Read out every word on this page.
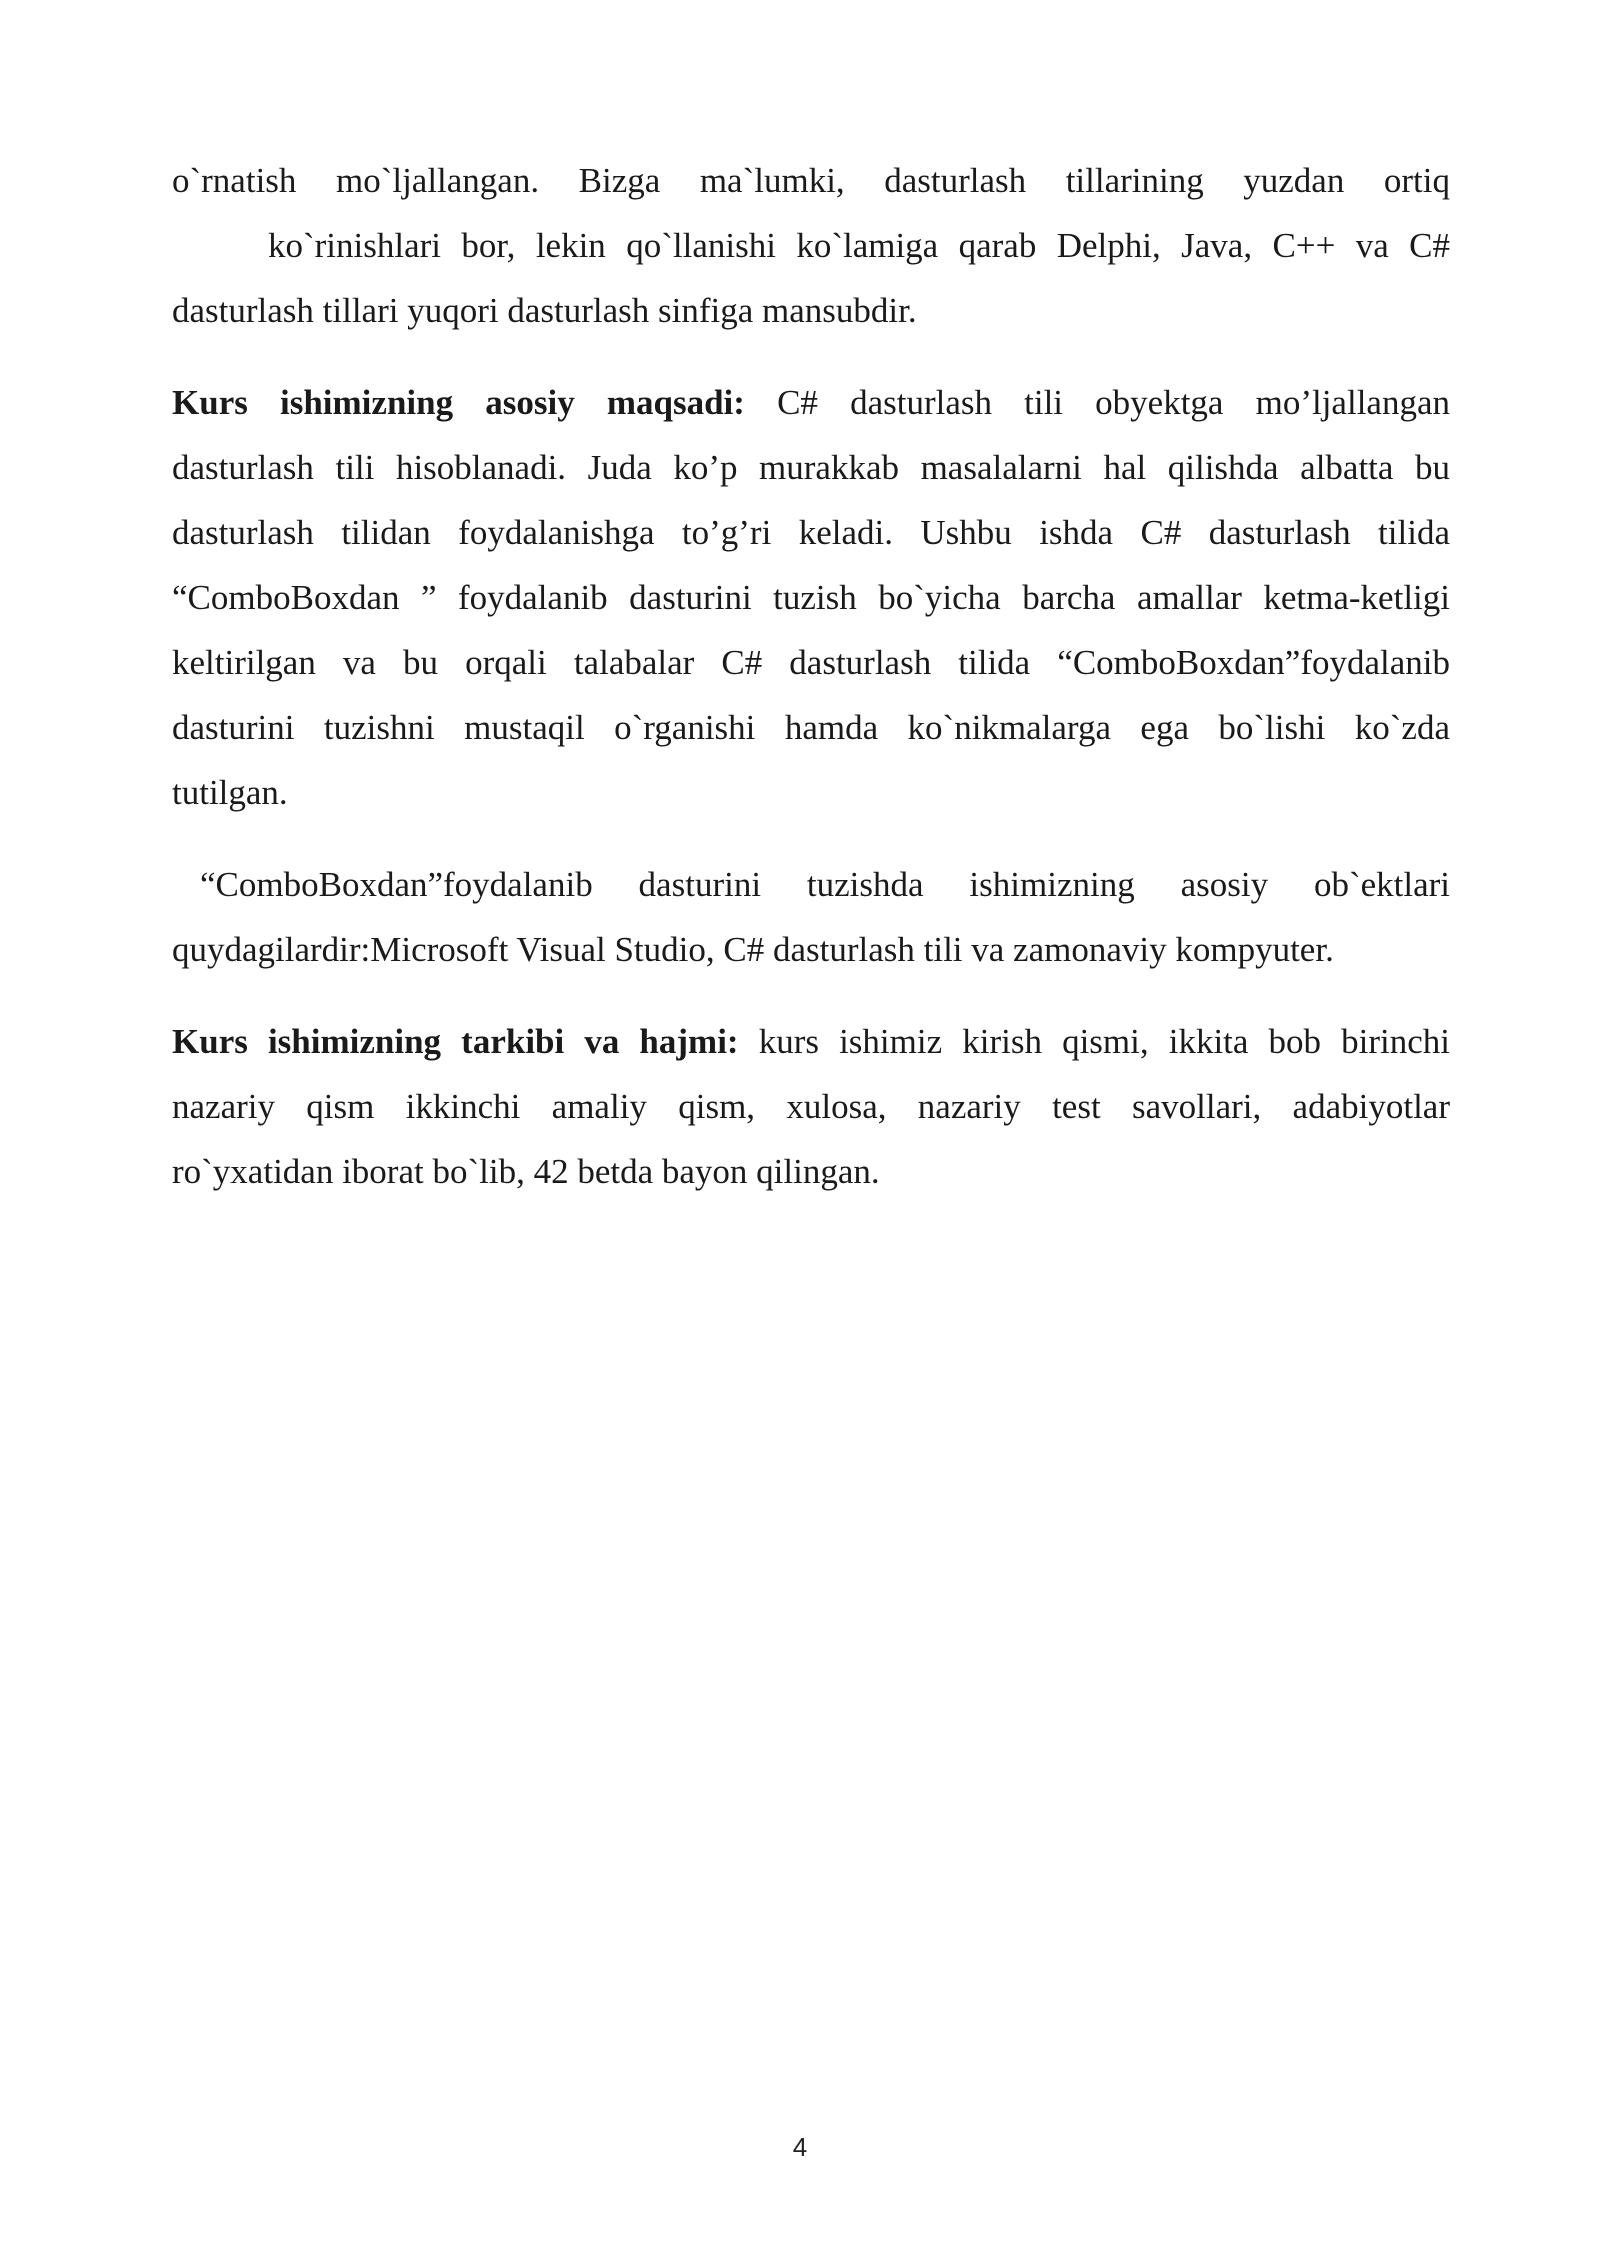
o`rnatish mo`ljallangan. Bizga ma`lumki, dasturlash tillarining yuzdan ortiq
ko`rinishlari bor, lekin qo`llanishi ko`lamiga qarab Delphi, Java, C++ va C#
dasturlash tillari yuqori dasturlash sinfiga mansubdir.
Kurs ishimizning asosiy maqsadi: C# dasturlash tili obyektga mo’ljallangan
dasturlash tili hisoblanadi. Juda ko’p murakkab masalalarni hal qilishda albatta bu
dasturlash tilidan foydalanishga to’g’ri keladi. Ushbu ishda C# dasturlash tilida
“ComboBoxdan ” foydalanib dasturini tuzish bo`yicha barcha amallar ketma-ketligi
keltirilgan va bu orqali talabalar C# dasturlash tilida “ComboBoxdan”foydalanib
dasturini tuzishni mustaqil o`rganishi hamda ko`nikmalarga ega bo`lishi ko`zda
tutilgan.
“ComboBoxdan”foydalanib dasturini tuzishda ishimizning asosiy ob`ektlari
quydagilardir:Microsoft Visual Studio, C# dasturlash tili va zamonaviy kompyuter.
Kurs ishimizning tarkibi va hajmi: kurs ishimiz kirish qismi, ikkita bob birinchi
nazariy qism ikkinchi amaliy qism, xulosa, nazariy test savollari, adabiyotlar
ro`yxatidan iborat bo`lib, 42 betda bayon qilingan.
4
